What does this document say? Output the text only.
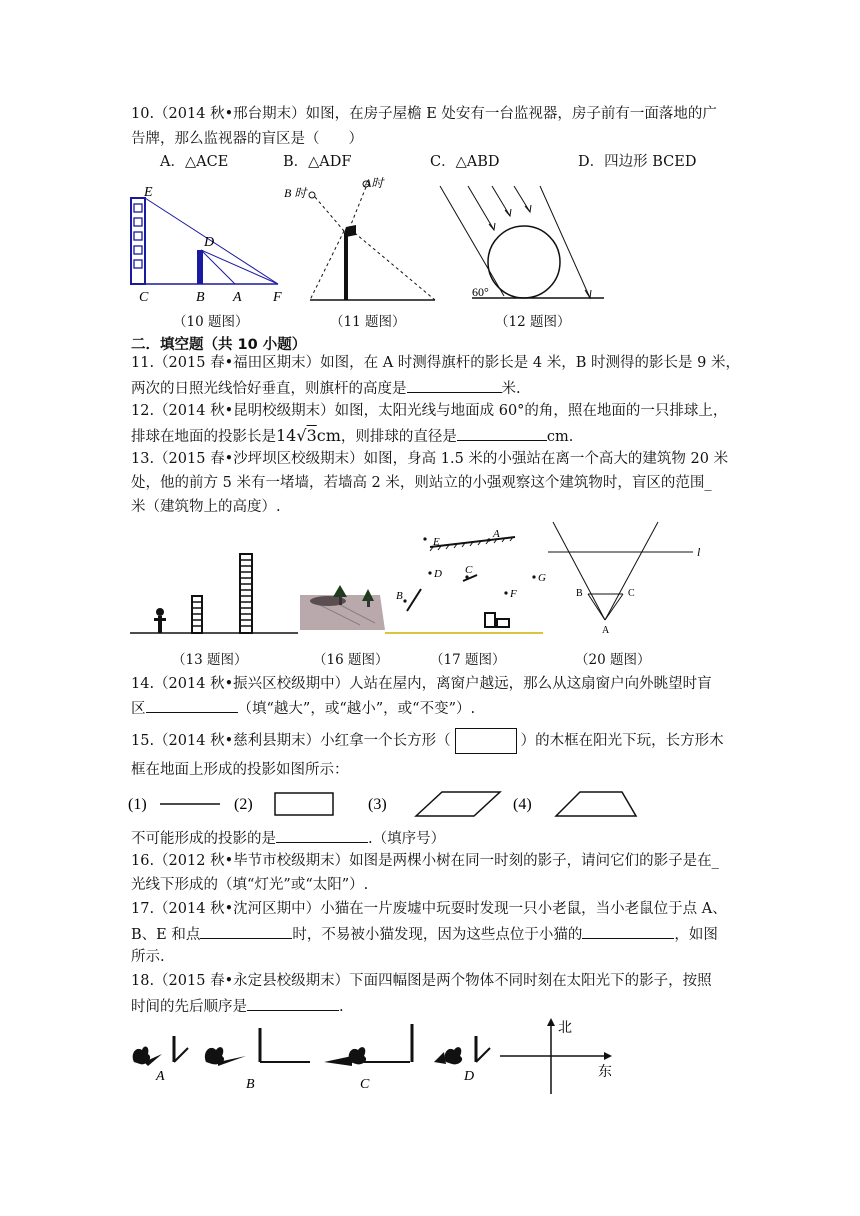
10.（2014 秋•邢台期末）如图，在房子屋檐 E 处安有一台监视器，房子前有一面落地的广
告牌，那么监视器的盲区是（　　）
A．△ACE	B．△ADF	C．△ABD	D．四边形 BCED
E
D
C	B A F
（10 题图）
B 时
A时
（11 题图）
60°
（12 题图）
二．填空题（共 10 小题）
11.（2015 春•福田区期末）如图，在 A 时测得旗杆的影长是 4 米，B 时测得的影长是 9 米，
两次的日照光线恰好垂直，则旗杆的高度是	米.
12.（2014 秋•昆明校级期末）如图，太阳光线与地面成 60°的角，照在地面的一只排球上，
排球在地面的投影长是14√3cm，则排球的直径是	cm.
13.（2015 春•沙坪坝区校级期末）如图，身高 1.5 米的小强站在离一个高大的建筑物 20 米
处，他的前方 5 米有一堵墙，若墙高 2 米，则站立的小强观察这个建筑物时，盲区的范围_
米（建筑物上的高度）.
E
A
D C
G
B	F
l
B	C
A
（13 题图）	（16 题图）	（17 题图）	（20 题图）
14.（2014 秋•振兴区校级期中）人站在屋内，离窗户越远，那么从这扇窗户向外眺望时盲
区	（填“越大”，或“越小”，或“不变”）.
15.（2014 秋•慈利县期末）小红拿一个长方形（	）的木框在阳光下玩，长方形木
框在地面上形成的投影如图所示：
(1)	(2)	(3)	(4)
不可能形成的投影的是	.（填序号）
16.（2012 秋•毕节市校级期末）如图是两棵小树在同一时刻的影子，请问它们的影子是在_
光线下形成的（填“灯光”或“太阳”）.
17.（2014 秋•沈河区期中）小猫在一片废墟中玩耍时发现一只小老鼠，当小老鼠位于点 A、
B、E 和点	时，不易被小猫发现，因为这些点位于小猫的	，如图
所示.
18.（2015 春•永定县校级期末）下面四幅图是两个物体不同时刻在太阳光下的影子，按照
时间的先后顺序是	.
A
B	C
D
北
东
